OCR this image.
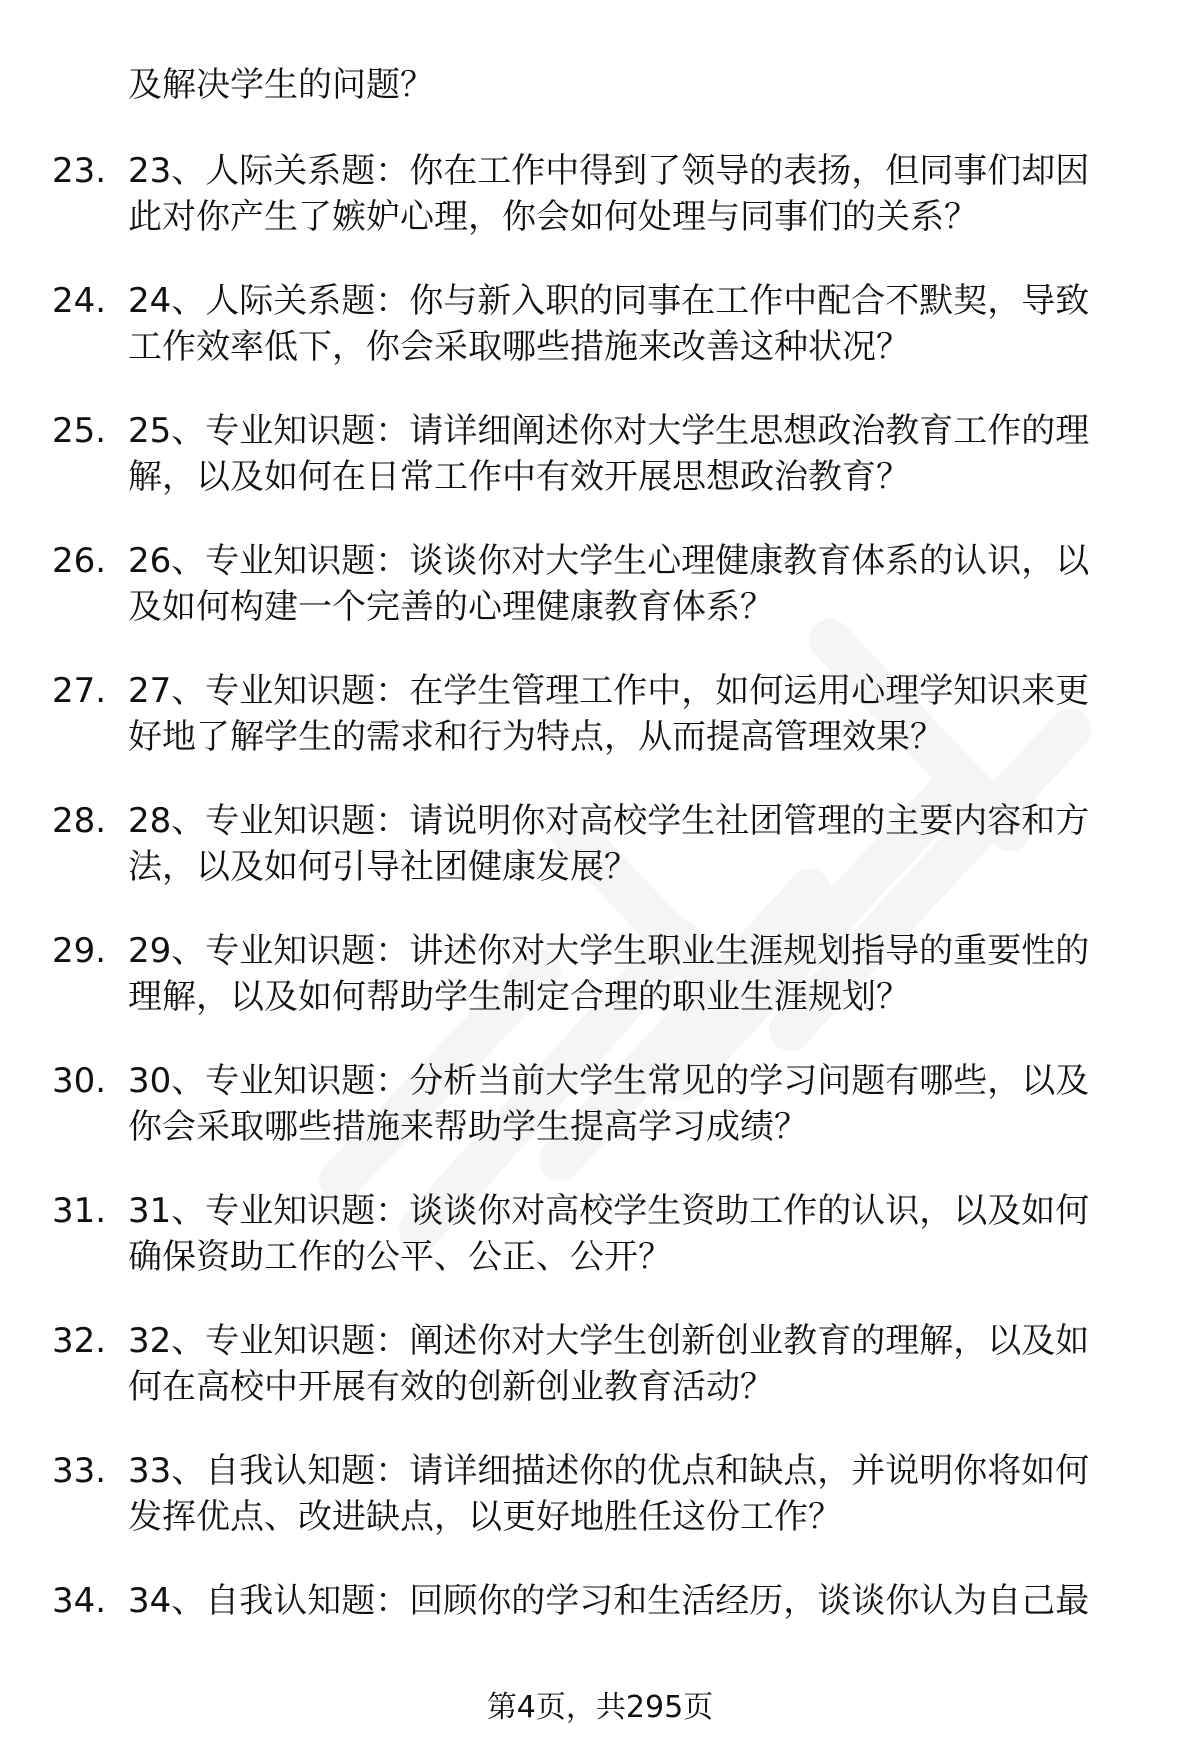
及解决学生的问题？
23. 23、人际关系题：你在工作中得到了领导的表扬，但同事们却因
此对你产生了嫉妒心理，你会如何处理与同事们的关系？
24. 24、人际关系题：你与新入职的同事在工作中配合不默契，导致
工作效率低下，你会采取哪些措施来改善这种状况？
25. 25、专业知识题：请详细阐述你对大学生思想政治教育工作的理
解，以及如何在日常工作中有效开展思想政治教育？
26. 26、专业知识题：谈谈你对大学生心理健康教育体系的认识，以
及如何构建一个完善的心理健康教育体系？
27. 27、专业知识题：在学生管理工作中，如何运用心理学知识来更
好地了解学生的需求和行为特点，从而提高管理效果？
28. 28、专业知识题：请说明你对高校学生社团管理的主要内容和方
法，以及如何引导社团健康发展？
29. 29、专业知识题：讲述你对大学生职业生涯规划指导的重要性的
理解，以及如何帮助学生制定合理的职业生涯规划？
30. 30、专业知识题：分析当前大学生常见的学习问题有哪些，以及
你会采取哪些措施来帮助学生提高学习成绩？
31. 31、专业知识题：谈谈你对高校学生资助工作的认识，以及如何
确保资助工作的公平、公正、公开？
32. 32、专业知识题：阐述你对大学生创新创业教育的理解，以及如
何在高校中开展有效的创新创业教育活动？
33. 33、自我认知题：请详细描述你的优点和缺点，并说明你将如何
发挥优点、改进缺点，以更好地胜任这份工作？
34. 34、自我认知题：回顾你的学习和生活经历，谈谈你认为自己最
第4页，共295页
